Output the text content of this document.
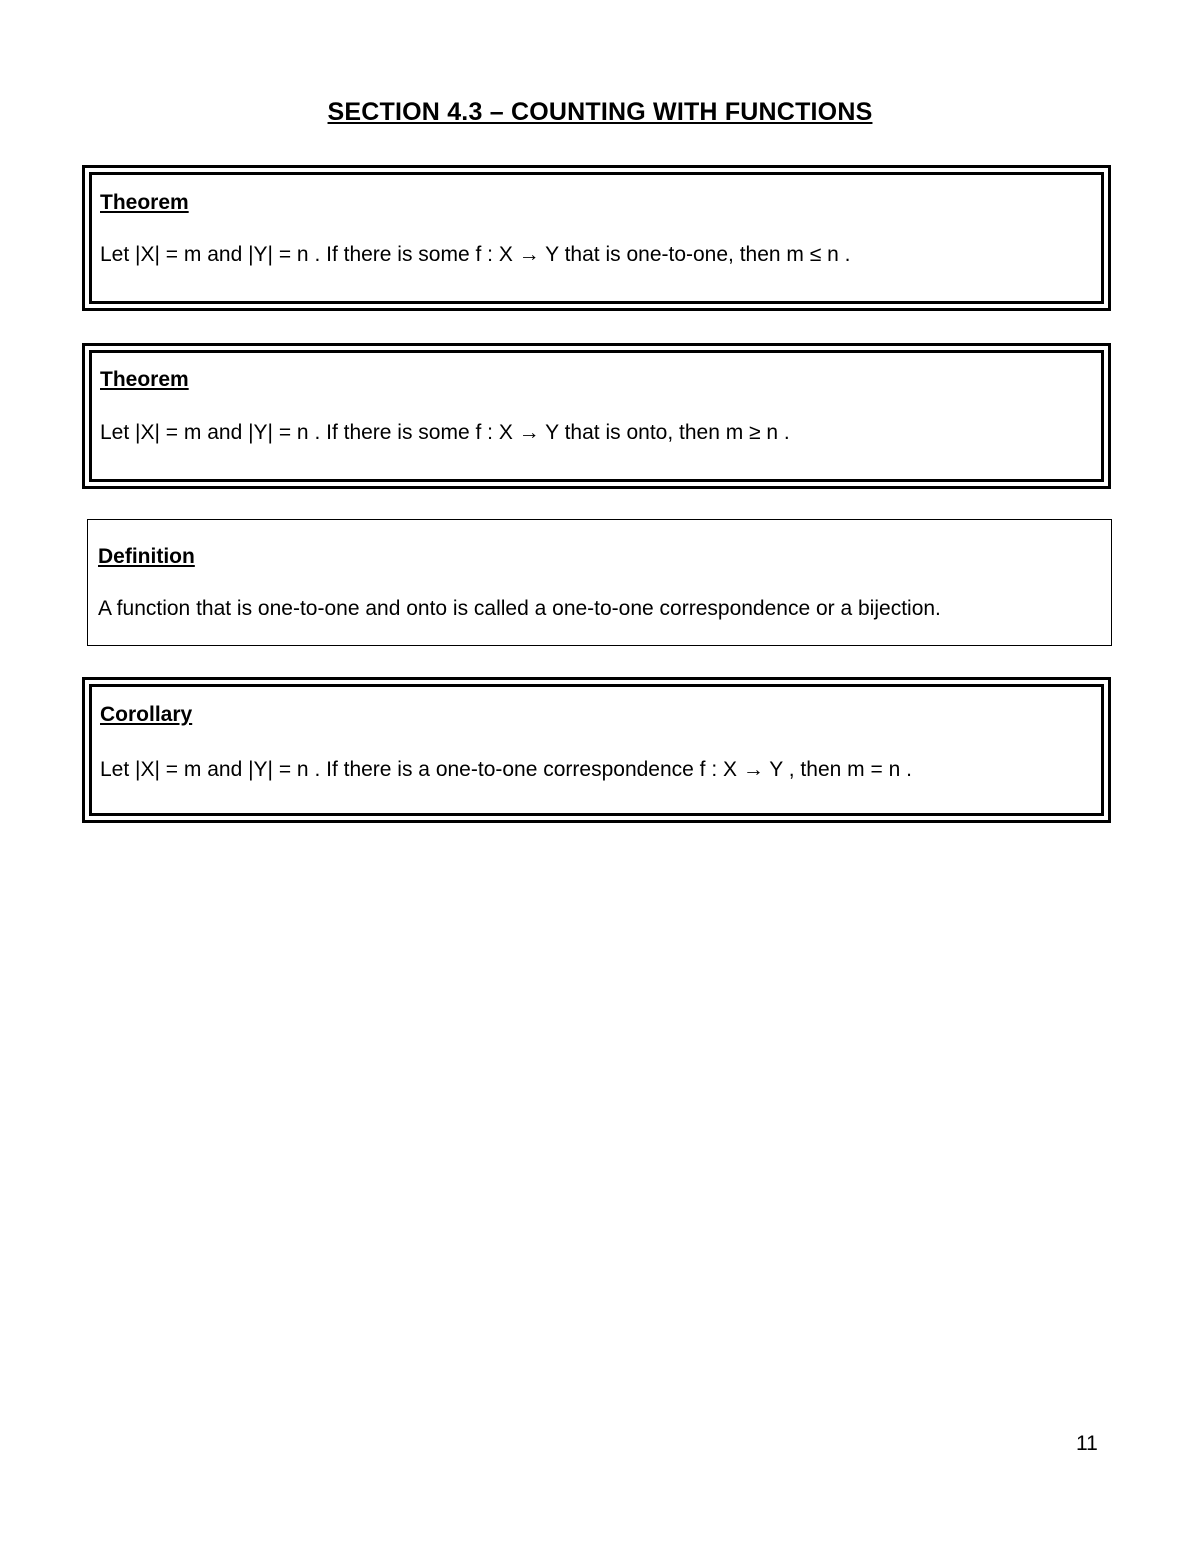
SECTION 4.3 – COUNTING WITH FUNCTIONS
Theorem
Let |X| = m and |Y| = n . If there is some f : X → Y that is one-to-one, then m ≤ n .
Theorem
Let |X| = m and |Y| = n . If there is some f : X → Y that is onto, then m ≥ n .
Definition
A function that is one-to-one and onto is called a one-to-one correspondence or a bijection.
Corollary
Let |X| = m and |Y| = n . If there is a one-to-one correspondence f : X → Y , then m = n .
11
